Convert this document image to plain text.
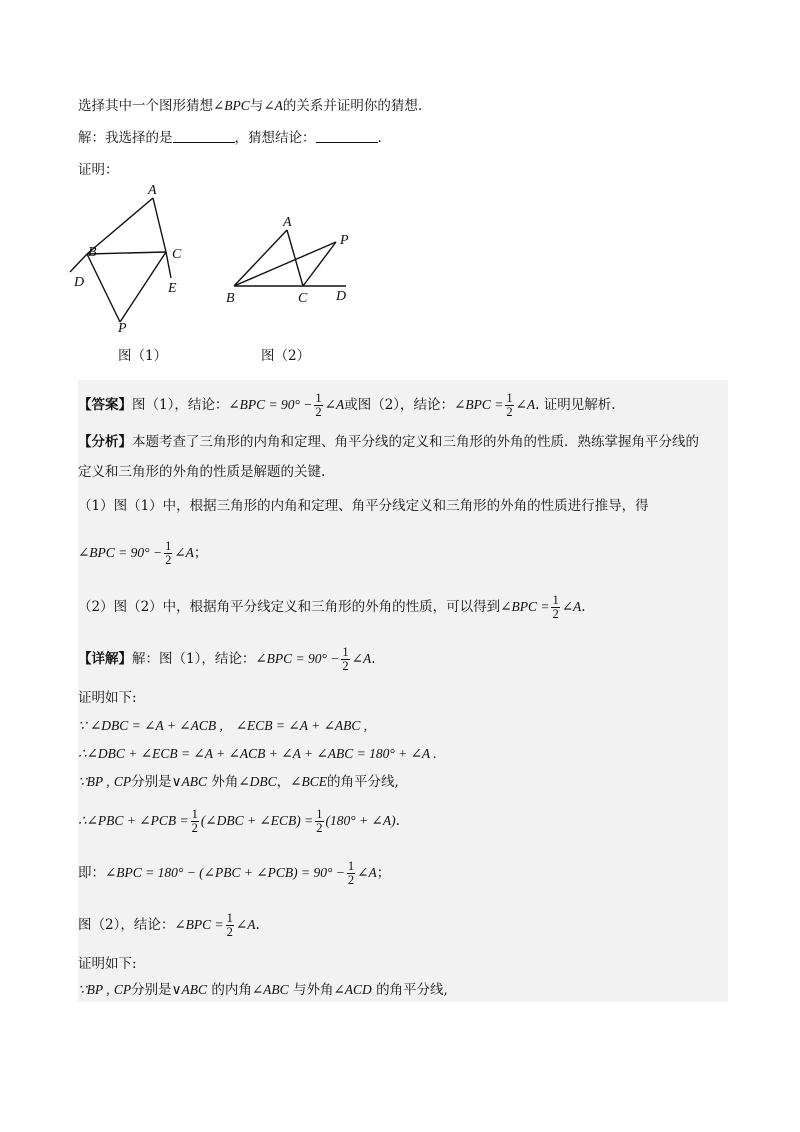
选择其中一个图形猜想∠BPC与∠A的关系并证明你的猜想.
解：我选择的是	，猜想结论：	.
证明：
A
B	C
D	E
P
图（1）
A
P
B	C D
图（2）
【答案】图（1），结论：∠BPC = $90^\circ - \frac{1}{2}$ ∠A或图（2），结论：∠BPC = $\frac{1}{2}$ ∠A. 证明见解析.
【分析】本题考查了三角形的内角和定理、角平分线的定义和三角形的外角的性质．熟练掌握角平分线的
定义和三角形的外角的性质是解题的关键.
（1）图（1）中，根据三角形的内角和定理、角平分线定义和三角形的外角的性质进行推导，得
∠BPC = $90^\circ - \frac{1}{2}$ ∠A；
（2）图（2）中，根据角平分线定义和三角形的外角的性质，可以得到∠BPC = $\frac{1}{2}$ ∠A.
【详解】解：图（1），结论：∠BPC = $90^\circ - \frac{1}{2}$ ∠A.
证明如下:
∵ ∠DBC = ∠A + ∠ACB , ∠ECB = ∠A + ∠ABC ,
∴∠DBC + ∠ECB = ∠A + ∠ACB + ∠A + ∠ABC = 180° + ∠A .
∵BP , CP分别是∨ABC 外角∠DBC，∠BCE的角平分线,
∴∠PBC + ∠PCB = $\frac{1}{2}$ (∠DBC + ∠ECB) = $\frac{1}{2} (180^\circ$ + ∠A).
即：∠BPC = 180° − (∠PBC + ∠PCB) = $90^\circ - \frac{1}{2}$ ∠A；
图（2），结论：∠BPC = $\frac{1}{2}$ ∠A.
证明如下:
∵BP , CP分别是∨ABC 的内角∠ABC 与外角∠ACD 的角平分线,
